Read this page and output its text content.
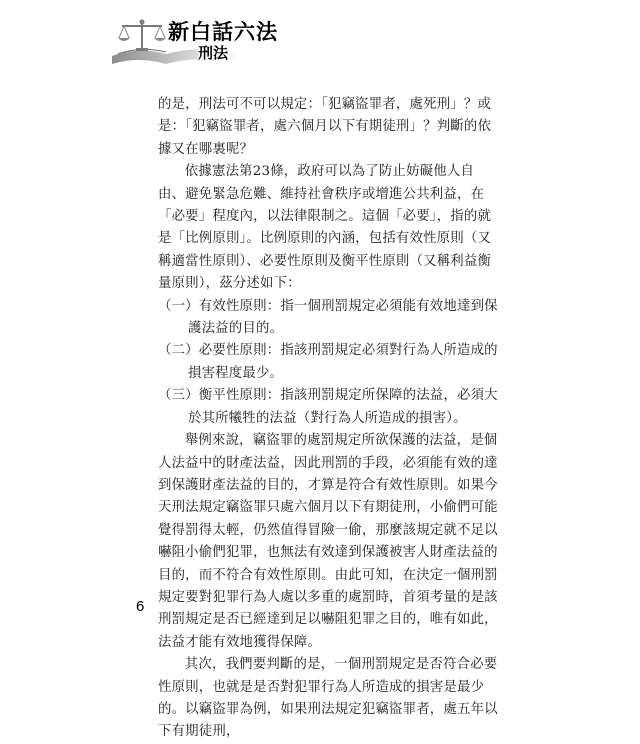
新白話六法
刑法

的是，刑法可不可以規定：「犯竊盜罪者，處死刑」？或是：「犯竊盜罪者，處六個月以下有期徒刑」？判斷的依據又在哪裏呢？

依據憲法第23條，政府可以為了防止妨礙他人自由、避免緊急危難、維持社會秩序或增進公共利益，在「必要」程度內，以法律限制之。這個「必要」，指的就是「比例原則」。比例原則的內涵，包括有效性原則（又稱適當性原則）、必要性原則及衡平性原則（又稱利益衡量原則），茲分述如下：

（一）有效性原則：指一個刑罰規定必須能有效地達到保護法益的目的。

（二）必要性原則：指該刑罰規定必須對行為人所造成的損害程度最少。

（三）衡平性原則：指該刑罰規定所保障的法益，必須大於其所犧牲的法益（對行為人所造成的損害）。

舉例來說，竊盜罪的處罰規定所欲保護的法益，是個人法益中的財產法益，因此刑罰的手段，必須能有效的達到保護財產法益的目的，才算是符合有效性原則。如果今天刑法規定竊盜罪只處六個月以下有期徒刑，小偷們可能覺得罰得太輕，仍然值得冒險一偷，那麼該規定就不足以嚇阻小偷們犯罪，也無法有效達到保護被害人財產法益的目的，而不符合有效性原則。由此可知，在決定一個刑罰規定要對犯罪行為人處以多重的處罰時，首須考量的是該刑罰規定是否已經達到足以嚇阻犯罪之目的，唯有如此，法益才能有效地獲得保障。

其次，我們要判斷的是，一個刑罰規定是否符合必要性原則，也就是是否對犯罪行為人所造成的損害是最少的。以竊盜罪為例，如果刑法規定犯竊盜罪者，處五年以下有期徒刑，

6
